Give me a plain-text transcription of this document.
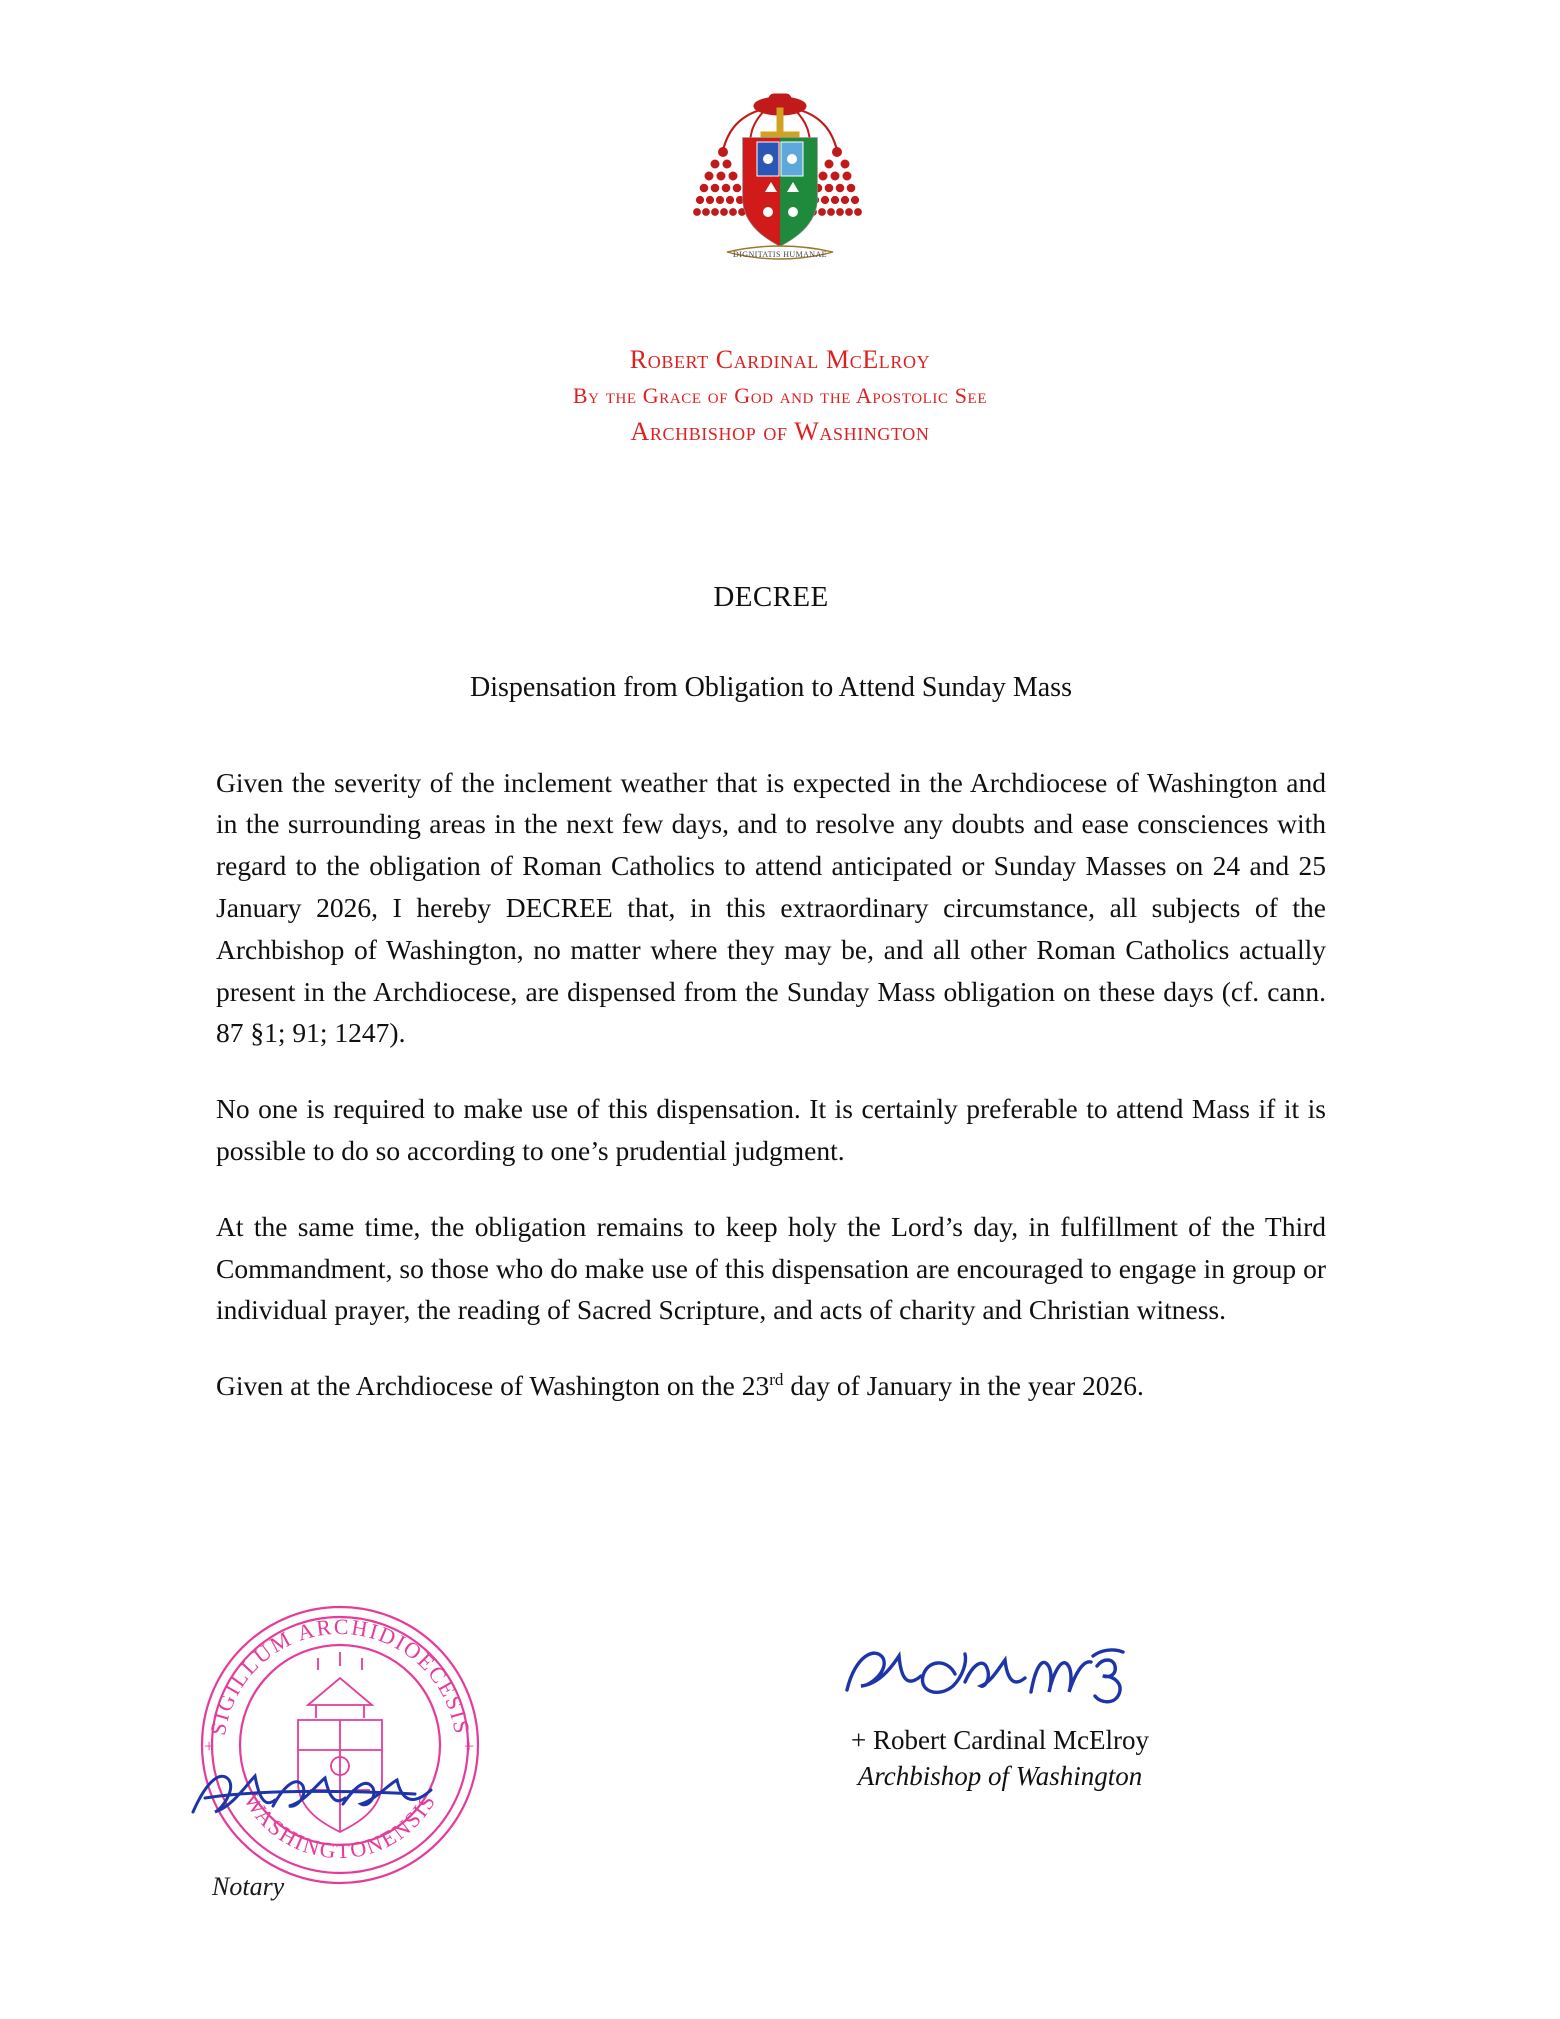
DIGNITATIS HUMANAE
Robert Cardinal McElroy
By the Grace of God and the Apostolic See
Archbishop of Washington
DECREE
Dispensation from Obligation to Attend Sunday Mass

Given the severity of the inclement weather that is expected in the Archdiocese of Washington and in the surrounding areas in the next few days, and to resolve any doubts and ease consciences with regard to the obligation of Roman Catholics to attend anticipated or Sunday Masses on 24 and 25 January 2026, I hereby DECREE that, in this extraordinary circumstance, all subjects of the Archbishop of Washington, no matter where they may be, and all other Roman Catholics actually present in the Archdiocese, are dispensed from the Sunday Mass obligation on these days (cf. cann. 87 §1; 91; 1247).

No one is required to make use of this dispensation. It is certainly preferable to attend Mass if it is possible to do so according to one’s prudential judgment.

At the same time, the obligation remains to keep holy the Lord’s day, in fulfillment of the Third Commandment, so those who do make use of this dispensation are encouraged to engage in group or individual prayer, the reading of Sacred Scripture, and acts of charity and Christian witness.

Given at the Archdiocese of Washington on the 23rd day of January in the year 2026.

SIGILLUM ARCHIDIOECESIS
WASHINGTONENSIS
+
+
Notary
+ Robert Cardinal McElroy
Archbishop of Washington
